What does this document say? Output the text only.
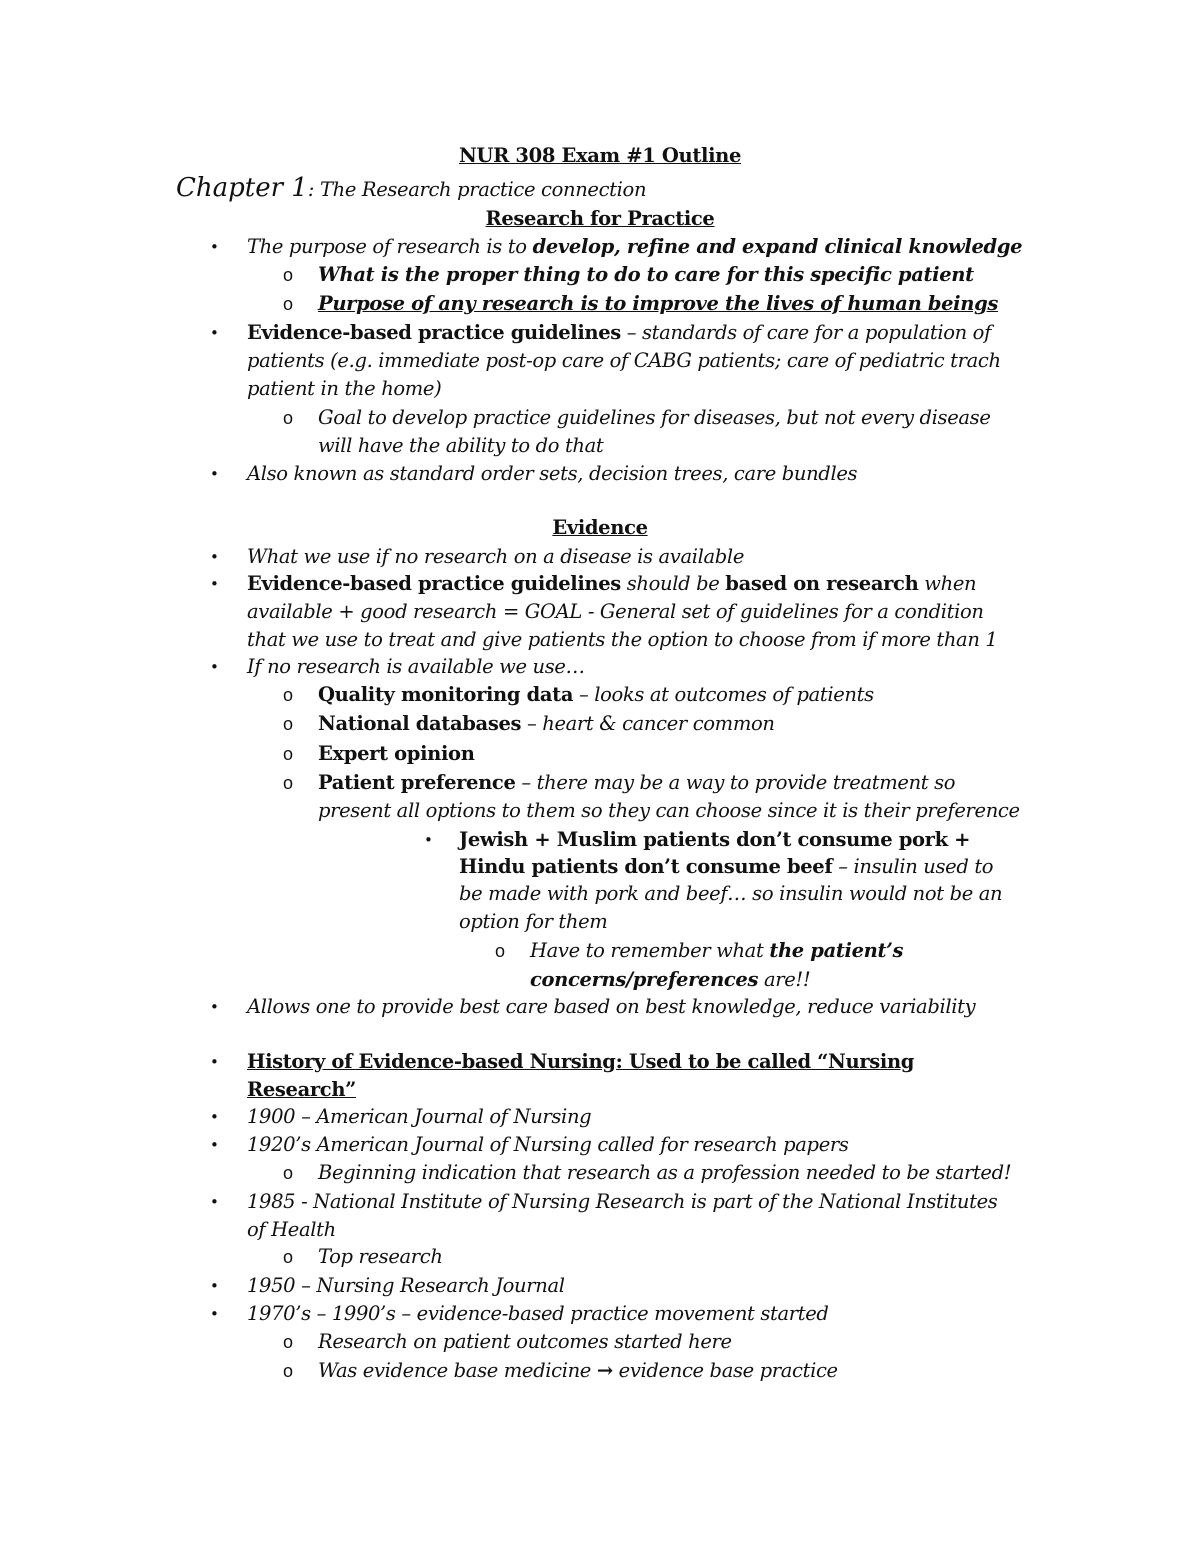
NUR 308 Exam #1 Outline
Chapter 1: The Research practice connection
Research for Practice
• The purpose of research is to develop, refine and expand clinical knowledge
o What is the proper thing to do to care for this specific patient
o Purpose of any research is to improve the lives of human beings
• Evidence-based practice guidelines – standards of care for a population of
patients (e.g. immediate post-op care of CABG patients; care of pediatric trach
patient in the home)
o Goal to develop practice guidelines for diseases, but not every disease
will have the ability to do that
• Also known as standard order sets, decision trees, care bundles
Evidence
• What we use if no research on a disease is available
• Evidence-based practice guidelines should be based on research when
available + good research = GOAL - General set of guidelines for a condition
that we use to treat and give patients the option to choose from if more than 1
• If no research is available we use…
o Quality monitoring data – looks at outcomes of patients
o National databases – heart & cancer common
o Expert opinion
o Patient preference – there may be a way to provide treatment so
present all options to them so they can choose since it is their preference
• Jewish + Muslim patients don’t consume pork +
Hindu patients don’t consume beef – insulin used to
be made with pork and beef… so insulin would not be an
option for them
o Have to remember what the patient’s
concerns/preferences are!!
• Allows one to provide best care based on best knowledge, reduce variability
• History of Evidence-based Nursing: Used to be called “Nursing
Research”
• 1900 – American Journal of Nursing
• 1920’s American Journal of Nursing called for research papers
o Beginning indication that research as a profession needed to be started!
• 1985 - National Institute of Nursing Research is part of the National Institutes
of Health
o Top research
• 1950 – Nursing Research Journal
• 1970’s – 1990’s – evidence-based practice movement started
o Research on patient outcomes started here
o Was evidence base medicine → evidence base practice
